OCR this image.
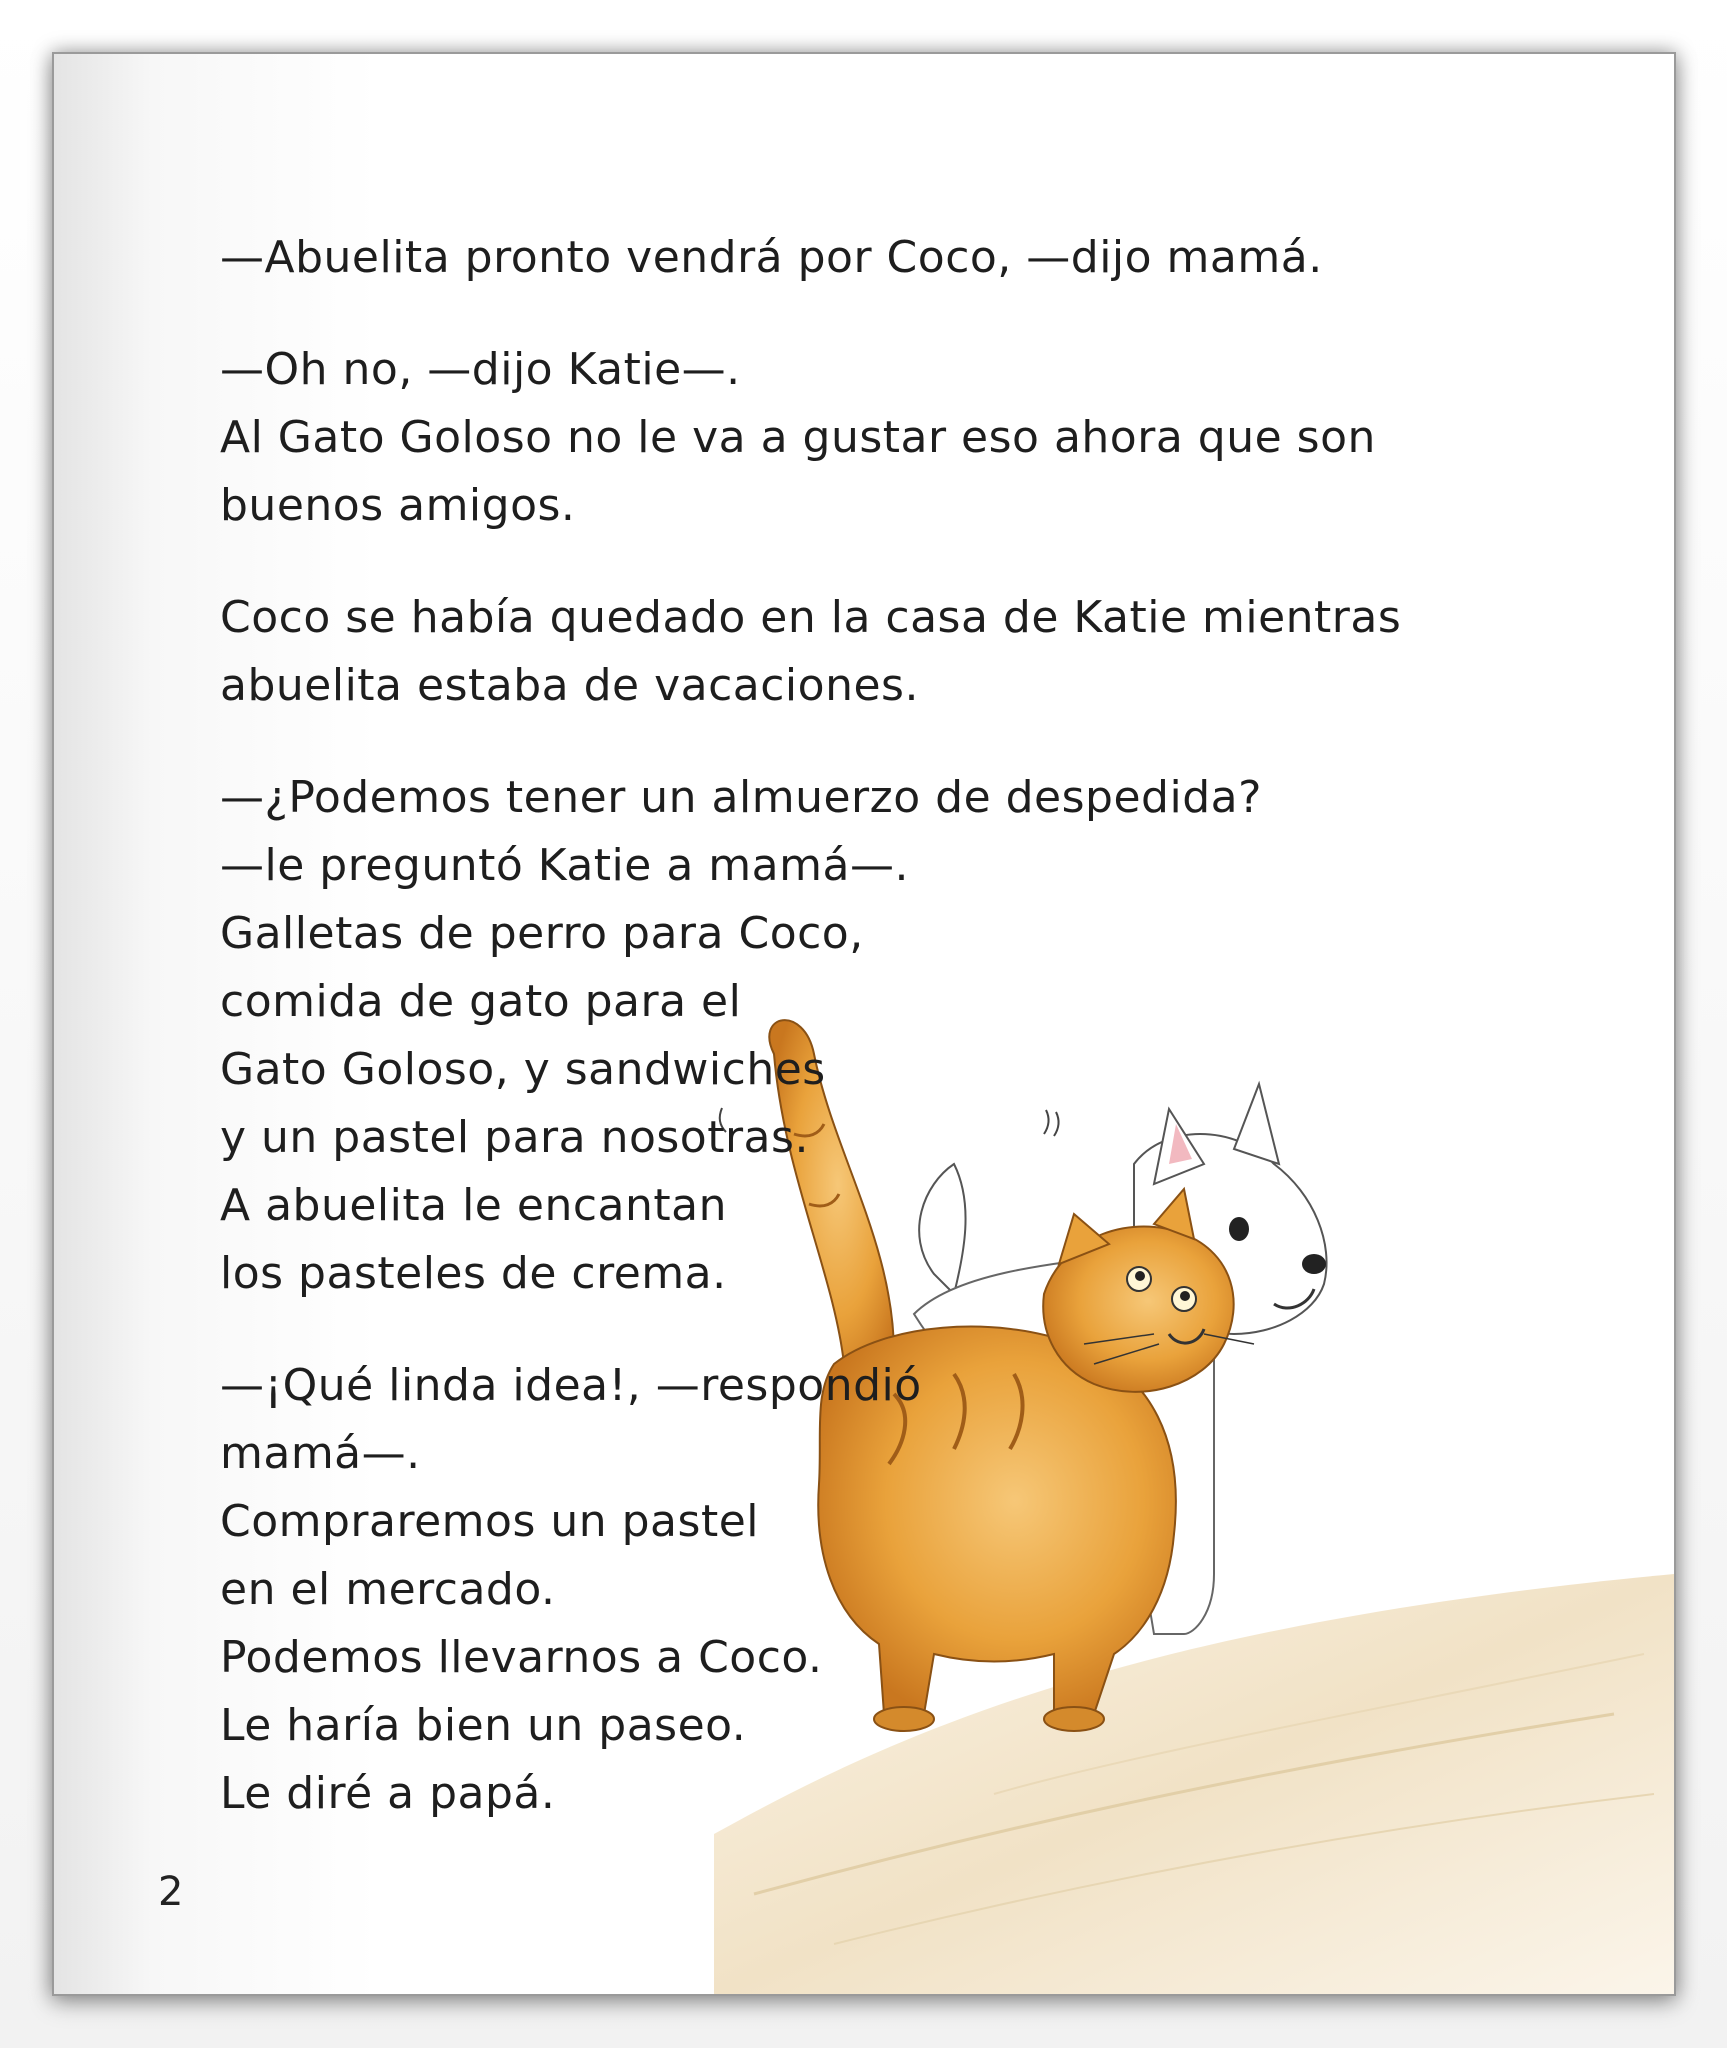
—Abuelita pronto vendrá por Coco, —dijo mamá.

—Oh no, —dijo Katie—.
Al Gato Goloso no le va a gustar eso ahora que son
buenos amigos.

Coco se había quedado en la casa de Katie mientras
abuelita estaba de vacaciones.

—¿Podemos tener un almuerzo de despedida?
—le preguntó Katie a mamá—.
Galletas de perro para Coco,
comida de gato para el
Gato Goloso, y sandwiches
y un pastel para nosotras.
A abuelita le encantan
los pasteles de crema.

—¡Qué linda idea!, —respondió
mamá—.
Compraremos un pastel
en el mercado.
Podemos llevarnos a Coco.
Le haría bien un paseo.
Le diré a papá.

2
